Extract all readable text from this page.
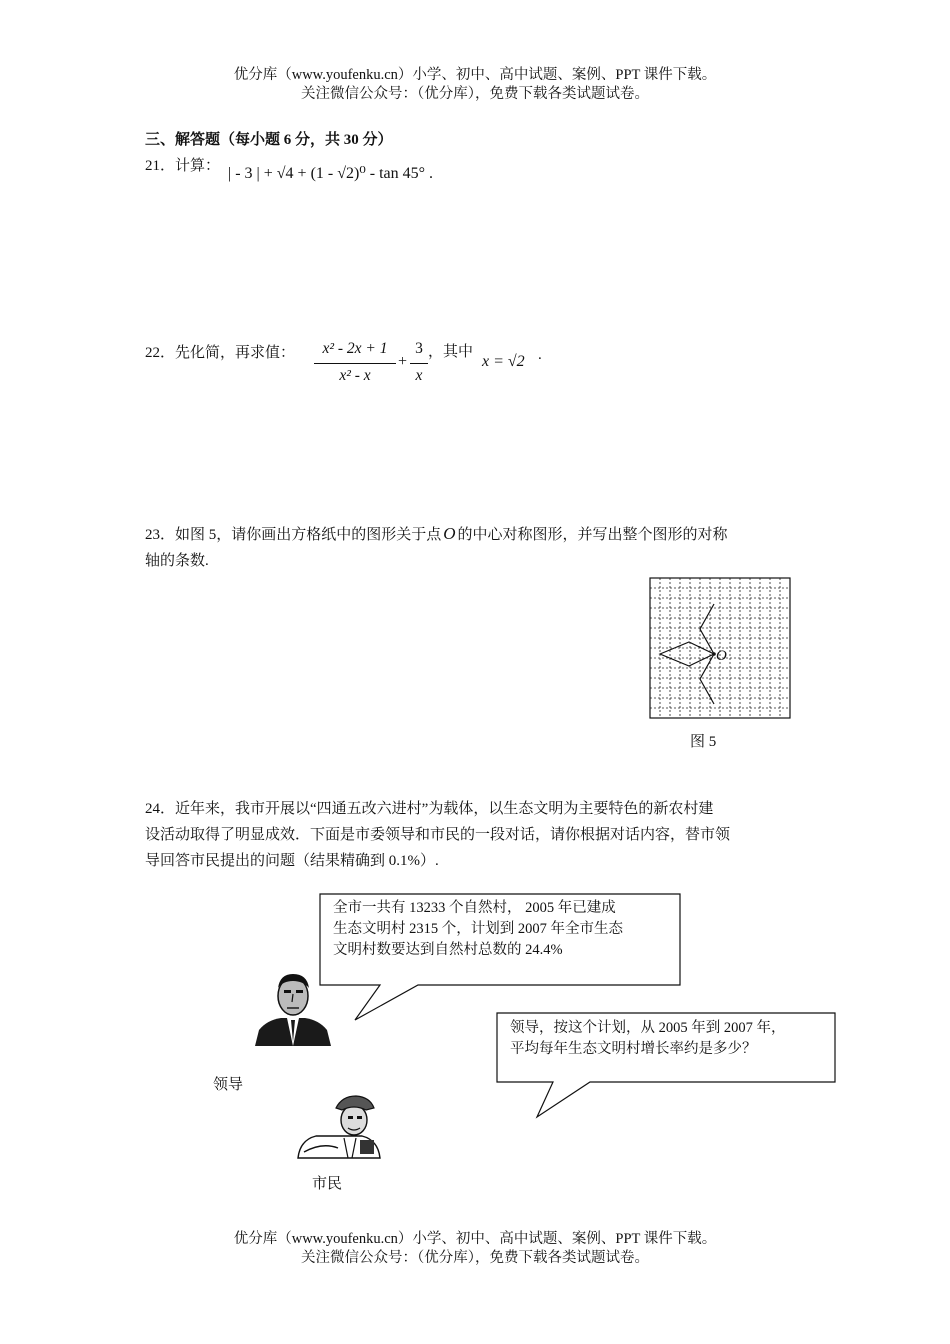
优分库（www.youfenku.cn）小学、初中、高中试题、案例、PPT 课件下载。
关注微信公众号：（优分库），免费下载各类试题试卷。
三、解答题（每小题 6 分，共 30 分）
21．计算： | - 3 | + √4 + (1 - √2)⁰ - tan 45° .
22．先化简，再求值：	x² - 2x + 1
x² - x
+
3
x
，其中
x = √2 .
23．如图 5，请你画出方格纸中的图形关于点 O 的中心对称图形，并写出整个图形的对称
轴的条数.
O
图 5
24．近年来，我市开展以“四通五改六进村”为载体，以生态文明为主要特色的新农村建
设活动取得了明显成效．下面是市委领导和市民的一段对话，请你根据对话内容，替市领
导回答市民提出的问题（结果精确到 0.1%）.
全市一共有 13233 个自然村， 2005 年已建成
生态文明村 2315 个，计划到 2007 年全市生态
文明村数要达到自然村总数的 24.4%
领导，按这个计划，从 2005 年到 2007 年，
平均每年生态文明村增长率约是多少？
领导
市民
优分库（www.youfenku.cn）小学、初中、高中试题、案例、PPT 课件下载。
关注微信公众号：（优分库），免费下载各类试题试卷。
